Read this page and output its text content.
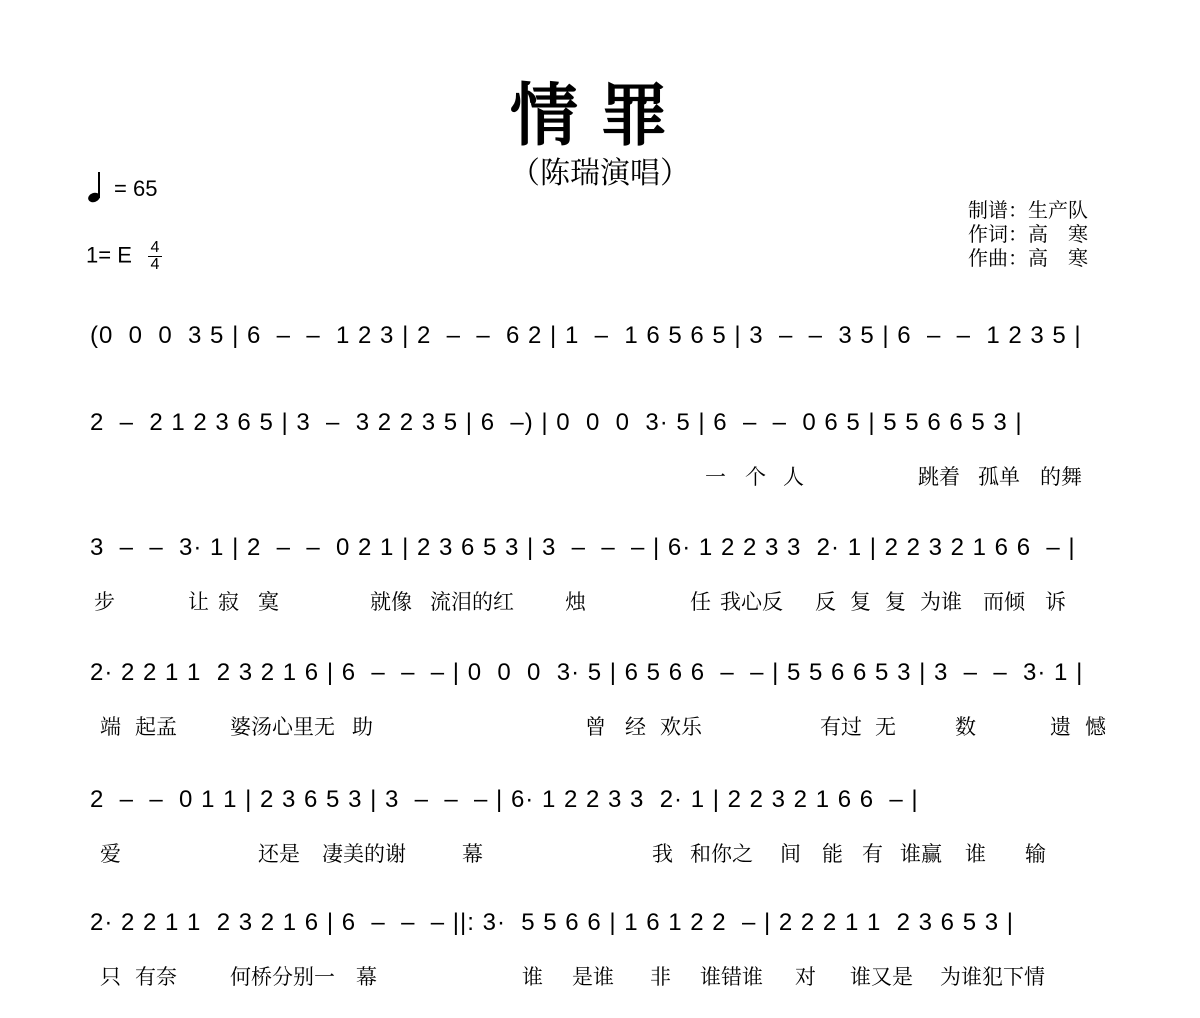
情罪
（陈瑞演唱）
= 65
1= E $\frac{4}{4}$
制谱：生产队
作词：高　寒
作曲：高　寒
(0  0  0  3 5 | 6  –  –  1 2 3 | 2  –  –  6 2 | 1  –  1 6 5 6 5 | 3  –  –  3 5 | 6  –  –  1 2 3 5 |
2  –  2 1 2 3 6 5 | 3  –  3 2 2 3 5 | 6  –) | 0  0  0  3· 5 | 6  –  –  0 6 5 | 5 5 6 6 5 3 |
一 个 人	跳着 孤单 的舞
3  –  –  3· 1 | 2  –  –  0 2 1 | 2 3 6 5 3 | 3  –  –  – | 6· 1 2 2 3 3  2· 1 | 2 2 3 2 1 6 6  – |
步	让 寂 寞	就像 流泪的红 烛	任 我心反 反 复 复 为谁 而倾 诉
2· 2 2 1 1  2 3 2 1 6 | 6  –  –  – | 0  0  0  3· 5 | 6 5 6 6  –  – | 5 5 6 6 5 3 | 3  –  –  3· 1 |
端 起孟	婆汤心里无 助	曾 经 欢乐	有过 无	数	遗 憾
2  –  –  0 1 1 | 2 3 6 5 3 | 3  –  –  – | 6· 1 2 2 3 3  2· 1 | 2 2 3 2 1 6 6  – |
爱	还是 凄美的谢	幕	我 和你之 间 能 有 谁赢 谁 输
2· 2 2 1 1  2 3 2 1 6 | 6  –  –  – ||: 3·  5 5 6 6 | 1 6 1 2 2  – | 2 2 2 1 1  2 3 6 5 3 |
只 有奈	何桥分别一 幕	谁 是谁 非 谁错谁 对 谁又是 为谁犯下情
